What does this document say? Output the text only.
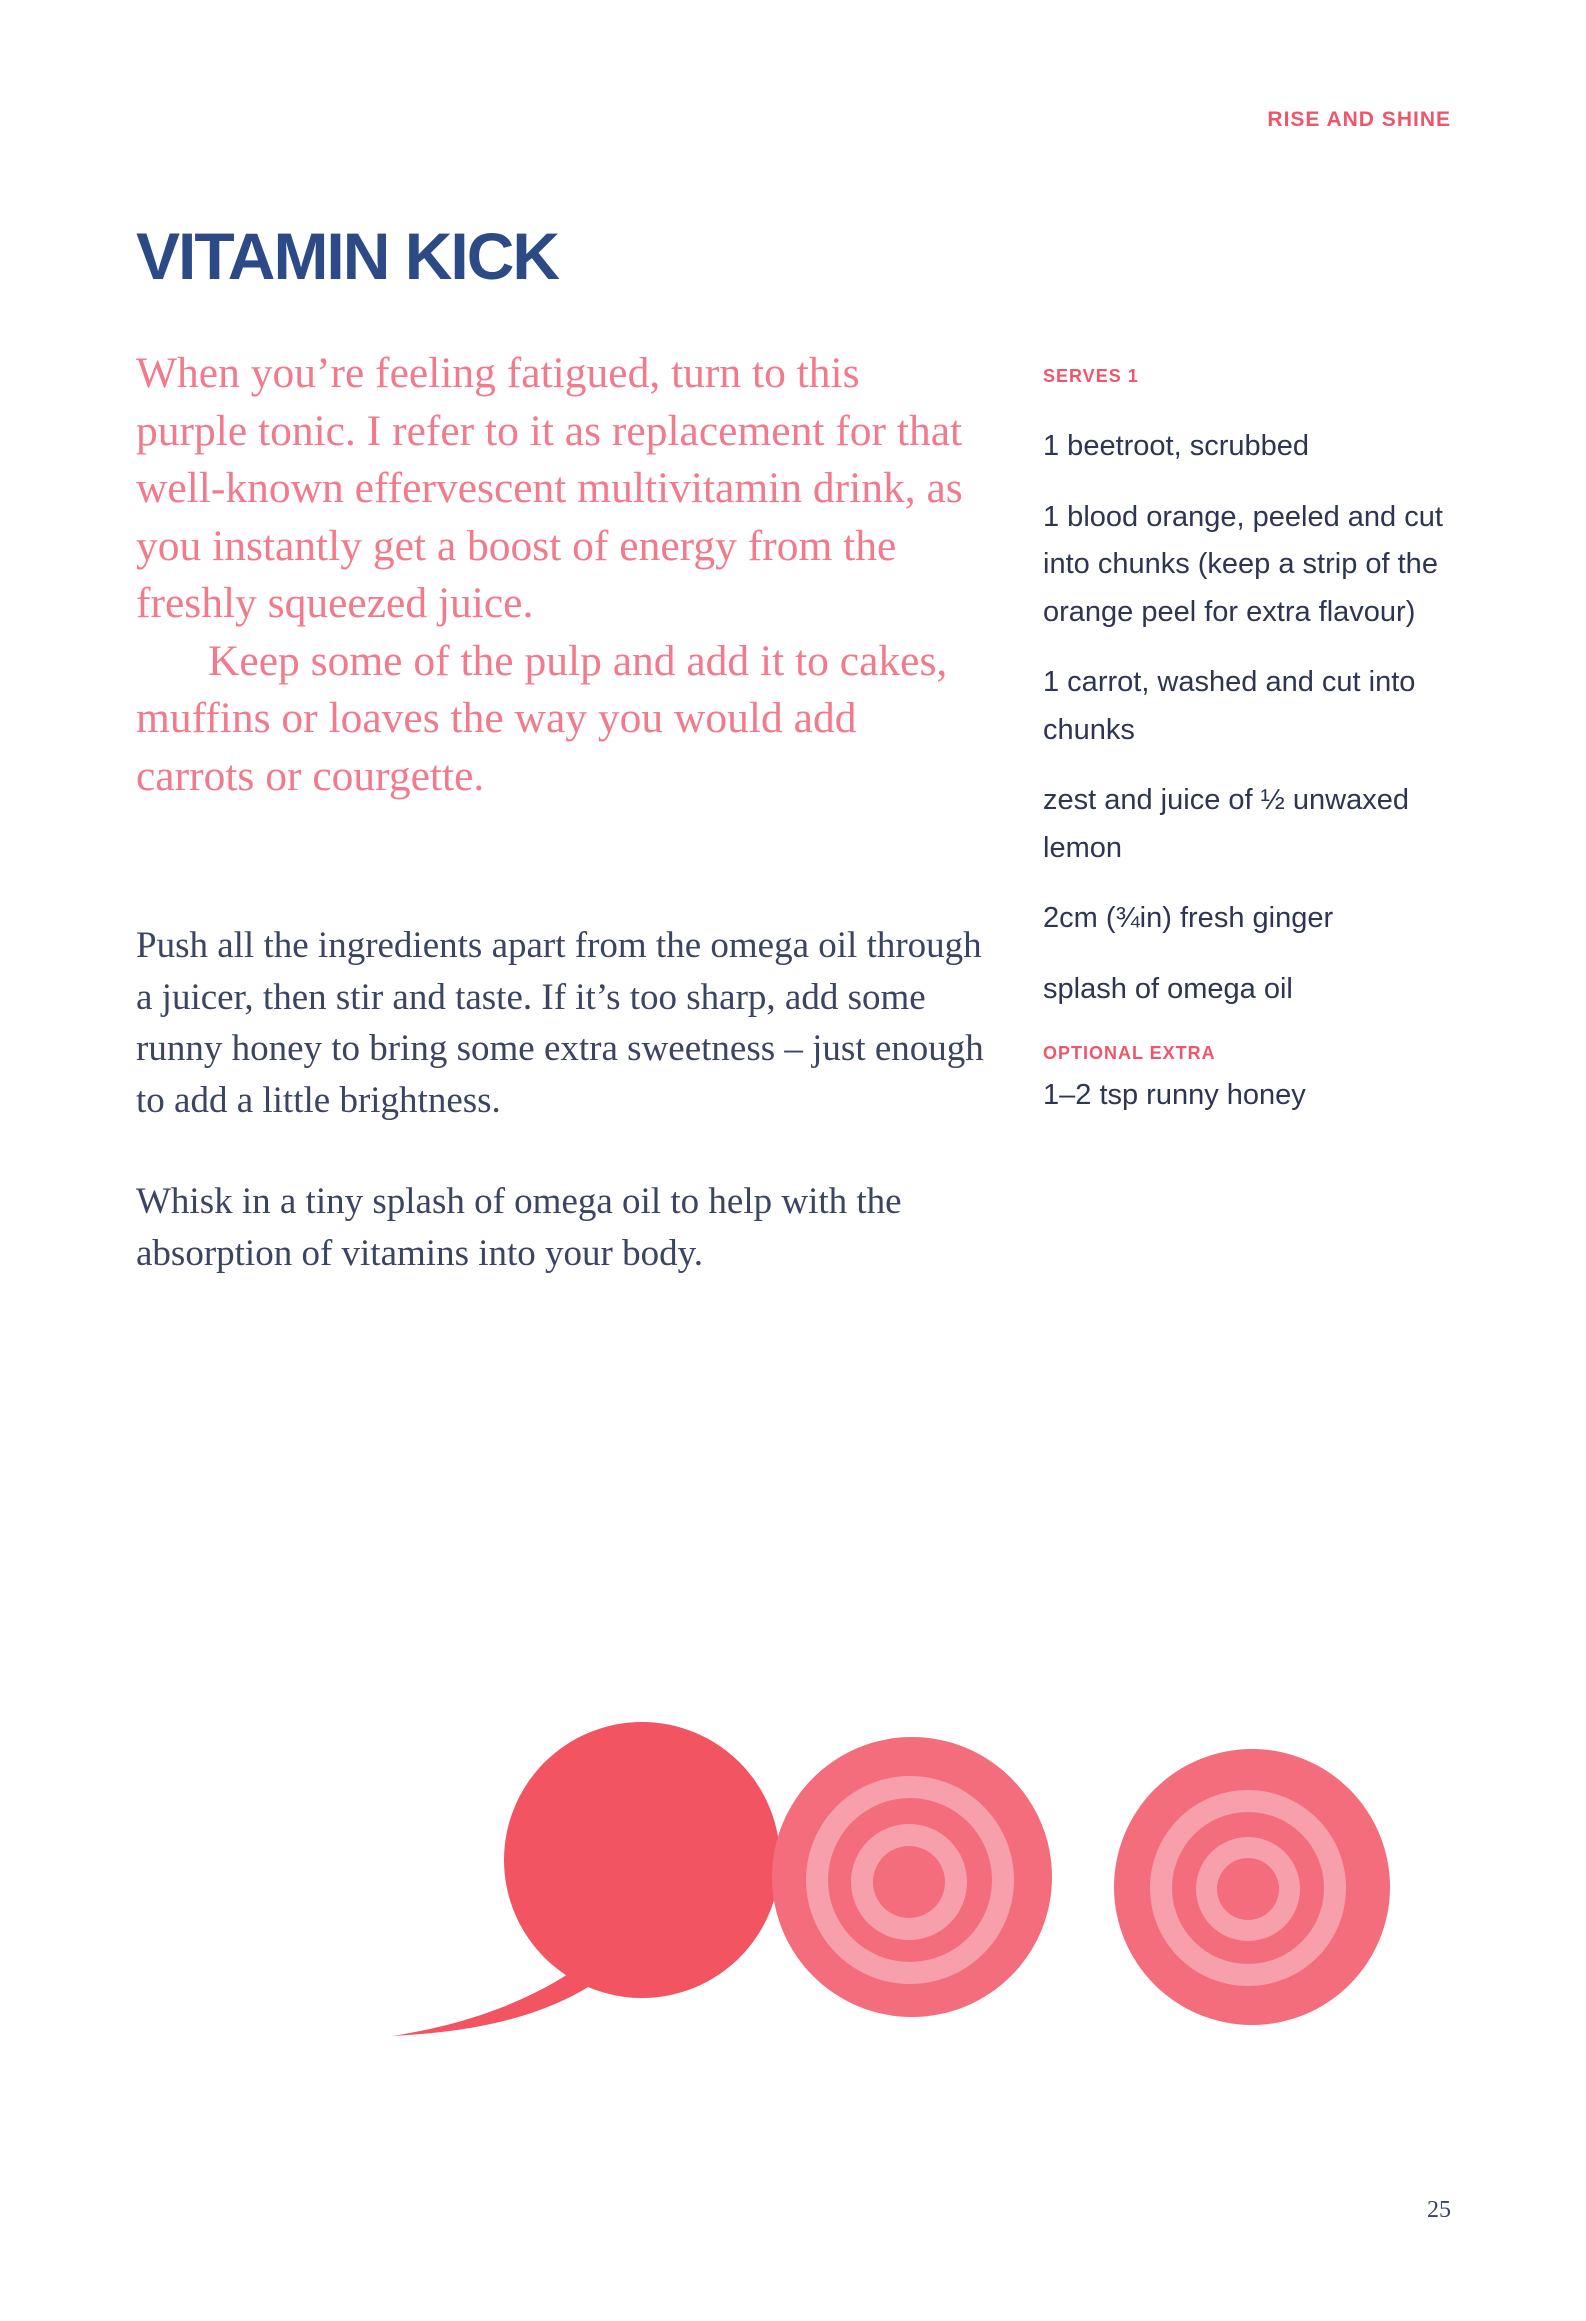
RISE AND SHINE
VITAMIN KICK

When you’re feeling fatigued, turn to this purple tonic. I refer to it as replacement for that well-known effervescent multivitamin drink, as you instantly get a boost of energy from the freshly squeezed juice.

Keep some of the pulp and add it to cakes, muffins or loaves the way you would add carrots or courgette.

Push all the ingredients apart from the omega oil through a juicer, then stir and taste. If it’s too sharp, add some runny honey to bring some extra sweetness – just enough to add a little brightness.

Whisk in a tiny splash of omega oil to help with the absorption of vitamins into your body.

SERVES 1
1 beetroot, scrubbed
1 blood orange, peeled and cut into chunks (keep a strip of the orange peel for extra flavour)
1 carrot, washed and cut into chunks
zest and juice of ½ unwaxed lemon
2cm (¾in) fresh ginger
splash of omega oil
OPTIONAL EXTRA
1–2 tsp runny honey
25
